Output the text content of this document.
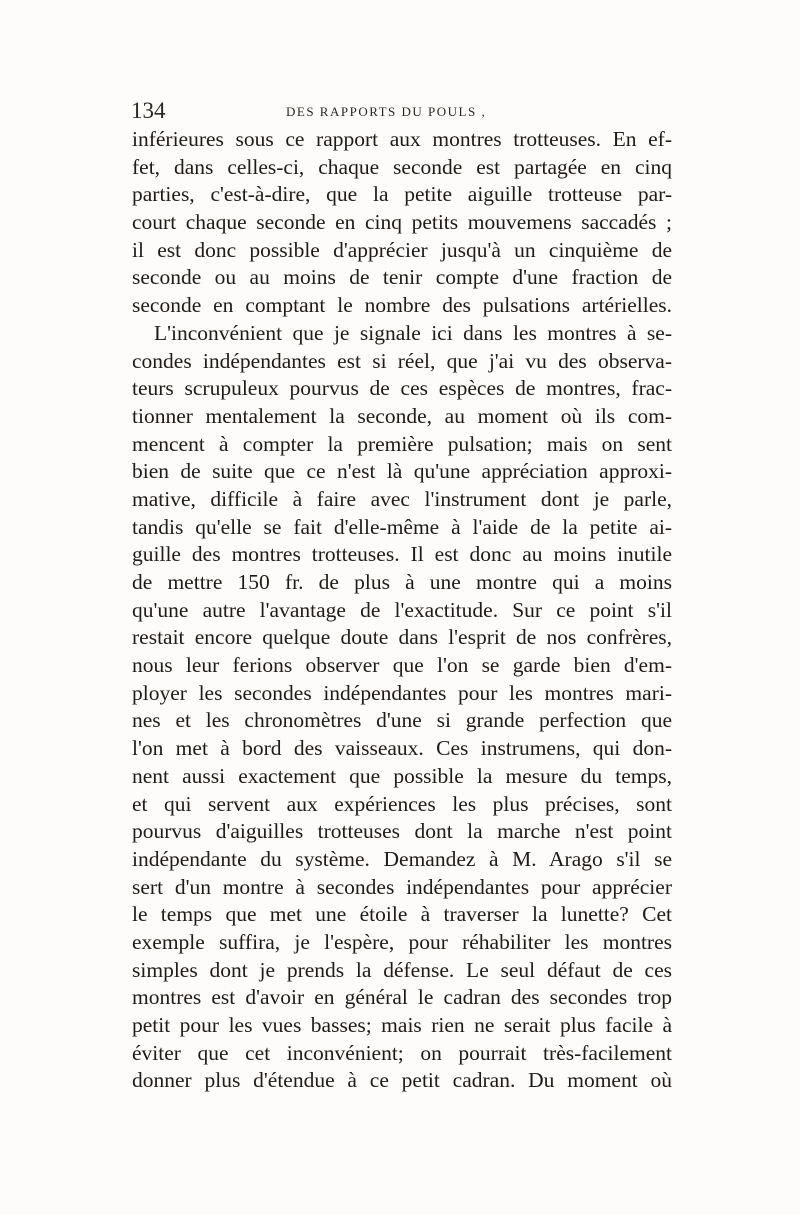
134	DES RAPPORTS DU POULS ,
inférieures sous ce rapport aux montres trotteuses. En ef-
fet, dans celles-ci, chaque seconde est partagée en cinq
parties, c'est-à-dire, que la petite aiguille trotteuse par-
court chaque seconde en cinq petits mouvemens saccadés ;
il est donc possible d'apprécier jusqu'à un cinquième de
seconde ou au moins de tenir compte d'une fraction de
seconde en comptant le nombre des pulsations artérielles.
L'inconvénient que je signale ici dans les montres à se-
condes indépendantes est si réel, que j'ai vu des observa-
teurs scrupuleux pourvus de ces espèces de montres, frac-
tionner mentalement la seconde, au moment où ils com-
mencent à compter la première pulsation; mais on sent
bien de suite que ce n'est là qu'une appréciation approxi-
mative, difficile à faire avec l'instrument dont je parle,
tandis qu'elle se fait d'elle-même à l'aide de la petite ai-
guille des montres trotteuses. Il est donc au moins inutile
de mettre 150 fr. de plus à une montre qui a moins
qu'une autre l'avantage de l'exactitude. Sur ce point s'il
restait encore quelque doute dans l'esprit de nos confrères,
nous leur ferions observer que l'on se garde bien d'em-
ployer les secondes indépendantes pour les montres mari-
nes et les chronomètres d'une si grande perfection que
l'on met à bord des vaisseaux. Ces instrumens, qui don-
nent aussi exactement que possible la mesure du temps,
et qui servent aux expériences les plus précises, sont
pourvus d'aiguilles trotteuses dont la marche n'est point
indépendante du système. Demandez à M. Arago s'il se
sert d'un montre à secondes indépendantes pour apprécier
le temps que met une étoile à traverser la lunette? Cet
exemple suffira, je l'espère, pour réhabiliter les montres
simples dont je prends la défense. Le seul défaut de ces
montres est d'avoir en général le cadran des secondes trop
petit pour les vues basses; mais rien ne serait plus facile à
éviter que cet inconvénient; on pourrait très-facilement
donner plus d'étendue à ce petit cadran. Du moment où
